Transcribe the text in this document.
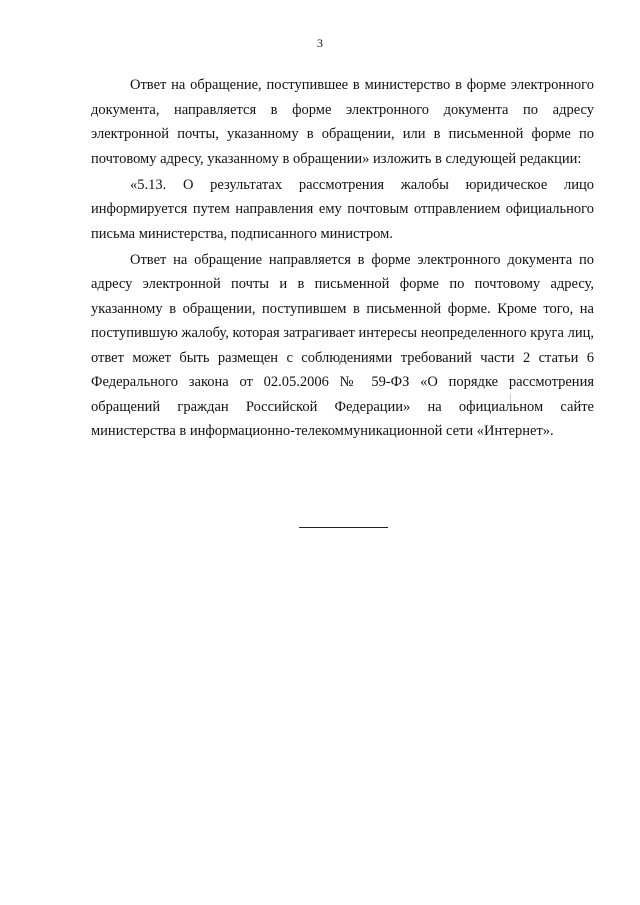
3

Ответ на обращение, поступившее в министерство в форме электронного документа, направляется в форме электронного документа по адресу электронной почты, указанному в обращении, или в письменной форме по почтовому адресу, указанному в обращении» изложить в следующей редакции:

«5.13. О результатах рассмотрения жалобы юридическое лицо информируется путем направления ему почтовым отправлением официального письма министерства, подписанного министром.

Ответ на обращение направляется в форме электронного документа по адресу электронной почты и в письменной форме по почтовому адресу, указанному в обращении, поступившем в письменной форме. Кроме того, на поступившую жалобу, которая затрагивает интересы неопределенного круга лиц, ответ может быть размещен с соблюдениями требований части 2 статьи 6 Федерального закона от 02.05.2006 № 59-ФЗ «О порядке рассмотрения обращений граждан Российской Федерации» на официальном сайте министерства в информационно-телекоммуникационной сети «Интернет».
